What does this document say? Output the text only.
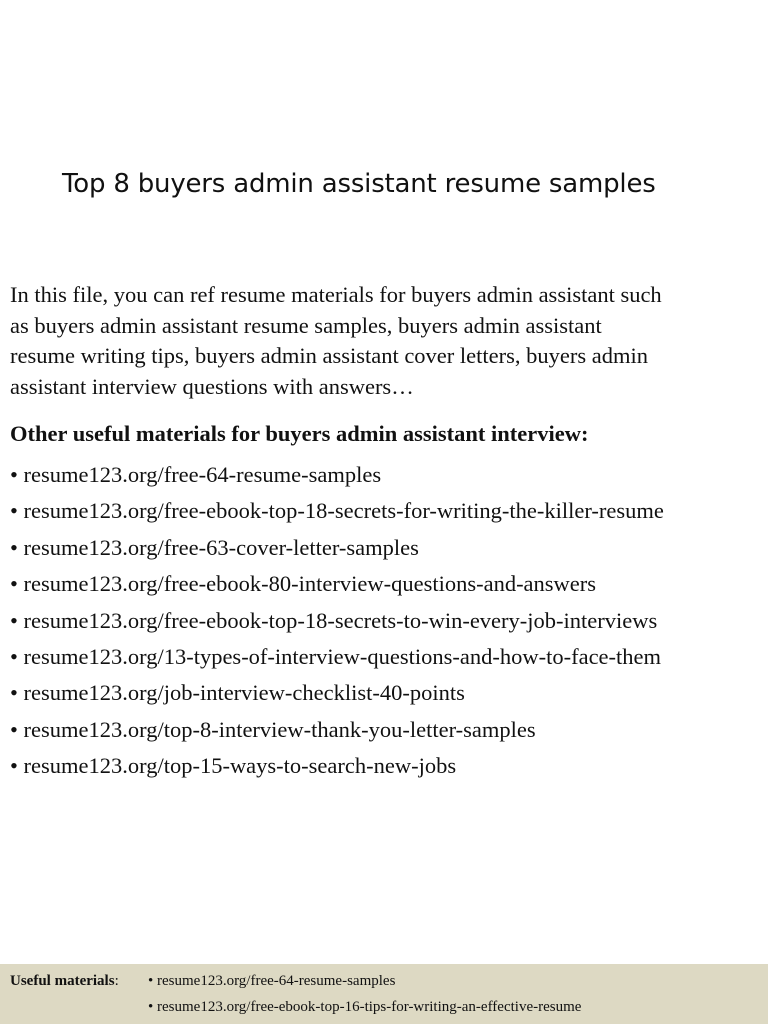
Top 8 buyers admin assistant resume samples

In this file, you can ref resume materials for buyers admin assistant such
as buyers admin assistant resume samples, buyers admin assistant
resume writing tips, buyers admin assistant cover letters, buyers admin
assistant interview questions with answers…

Other useful materials for buyers admin assistant interview:
• resume123.org/free-64-resume-samples
• resume123.org/free-ebook-top-18-secrets-for-writing-the-killer-resume
• resume123.org/free-63-cover-letter-samples
• resume123.org/free-ebook-80-interview-questions-and-answers
• resume123.org/free-ebook-top-18-secrets-to-win-every-job-interviews
• resume123.org/13-types-of-interview-questions-and-how-to-face-them
• resume123.org/job-interview-checklist-40-points
• resume123.org/top-8-interview-thank-you-letter-samples
• resume123.org/top-15-ways-to-search-new-jobs
Useful materials: • resume123.org/free-64-resume-samples
• resume123.org/free-ebook-top-16-tips-for-writing-an-effective-resume
